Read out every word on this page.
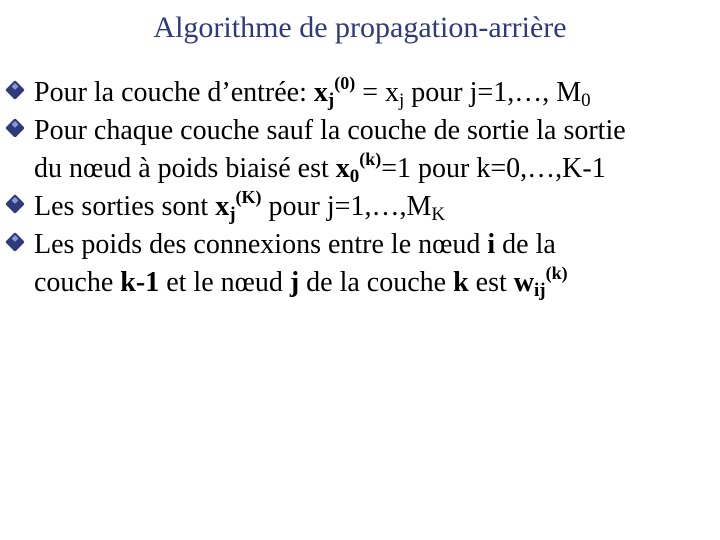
Algorithme de propagation-arrière
Pour la couche d’entrée: $x_j^{(0)} = x_j$ pour j=1,…, $M_0$
Pour chaque couche sauf la couche de sortie la sortie
du nœud à poids biaisé est $x_0^{(k)}=1$ pour k=0,…,K-1
Les sorties sont $x_j^{(K)}$ pour $j=1,\dots,M_K$
Les poids des connexions entre le nœud i de la
couche k-1 et le nœud j de la couche k est $w_{ij}^{(k)}$
